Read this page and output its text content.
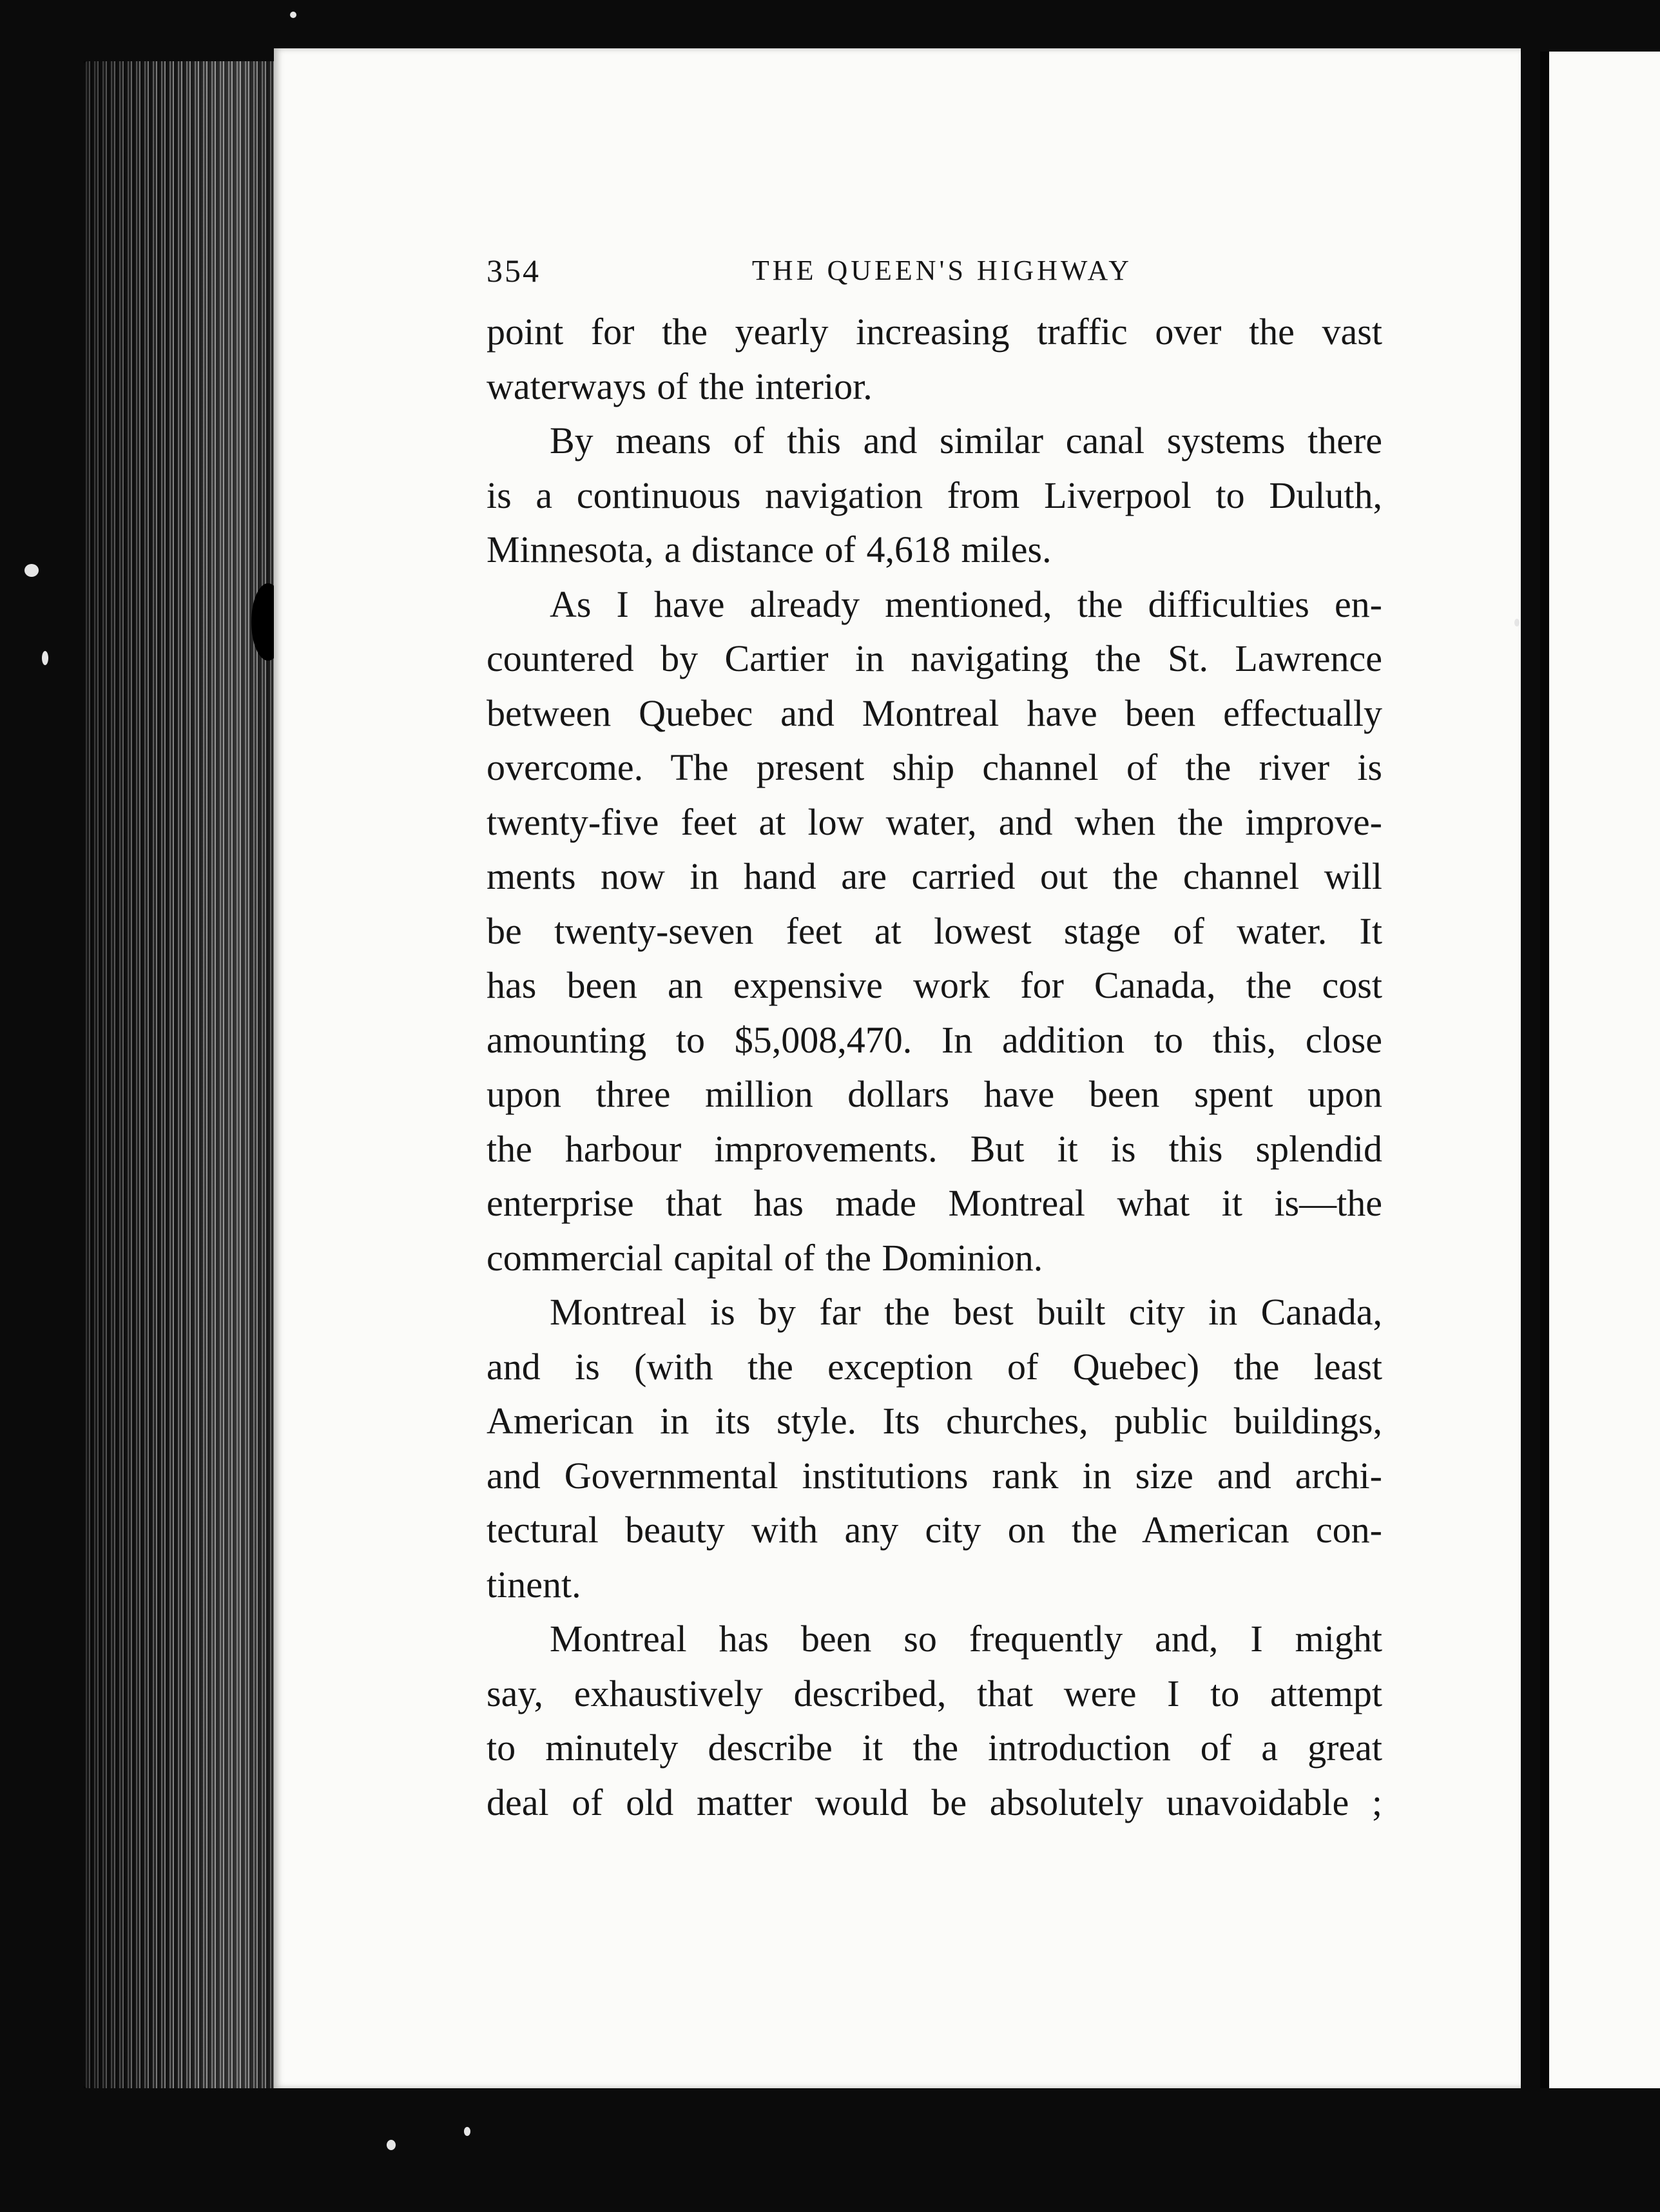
354	THE QUEEN'S HIGHWAY
point for the yearly increasing traffic over the vast
waterways of the interior.
By means of this and similar canal systems there
is a continuous navigation from Liverpool to Duluth,
Minnesota, a distance of 4,618 miles.
As I have already mentioned, the difficulties en-
countered by Cartier in navigating the St. Lawrence
between Quebec and Montreal have been effectually
overcome. The present ship channel of the river is
twenty-five feet at low water, and when the improve-
ments now in hand are carried out the channel will
be twenty-seven feet at lowest stage of water. It
has been an expensive work for Canada, the cost
amounting to $5,008,470. In addition to this, close
upon three million dollars have been spent upon
the harbour improvements. But it is this splendid
enterprise that has made Montreal what it is—the
commercial capital of the Dominion.
Montreal is by far the best built city in Canada,
and is (with the exception of Quebec) the least
American in its style. Its churches, public buildings,
and Governmental institutions rank in size and archi-
tectural beauty with any city on the American con-
tinent.
Montreal has been so frequently and, I might
say, exhaustively described, that were I to attempt
to minutely describe it the introduction of a great
deal of old matter would be absolutely unavoidable ;
